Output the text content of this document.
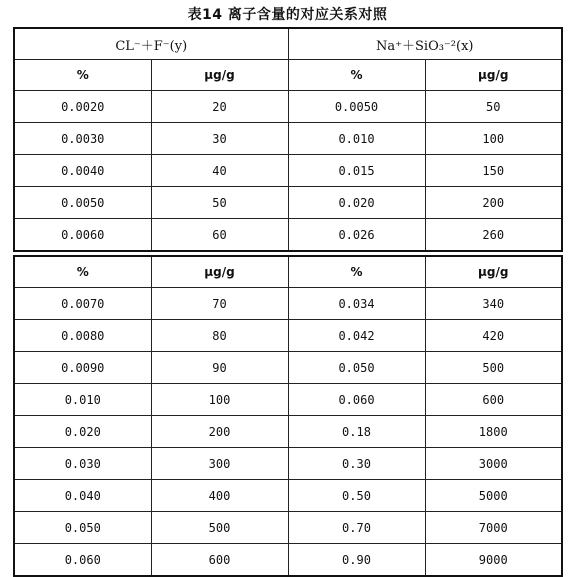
表14 离子含量的对应关系对照
CL⁻＋F⁻(y)		Na⁺＋SiO₃⁻²(x)	
%	μg/g	%	μg/g
0.0020	20	0.0050	50
0.0030	30	0.010	100
0.0040	40	0.015	150
0.0050	50	0.020	200
0.0060	60	0.026	260
%	μg/g	%	μg/g
0.0070	70	0.034	340
0.0080	80	0.042	420
0.0090	90	0.050	500
0.010	100	0.060	600
0.020	200	0.18	1800
0.030	300	0.30	3000
0.040	400	0.50	5000
0.050	500	0.70	7000
0.060	600	0.90	9000
